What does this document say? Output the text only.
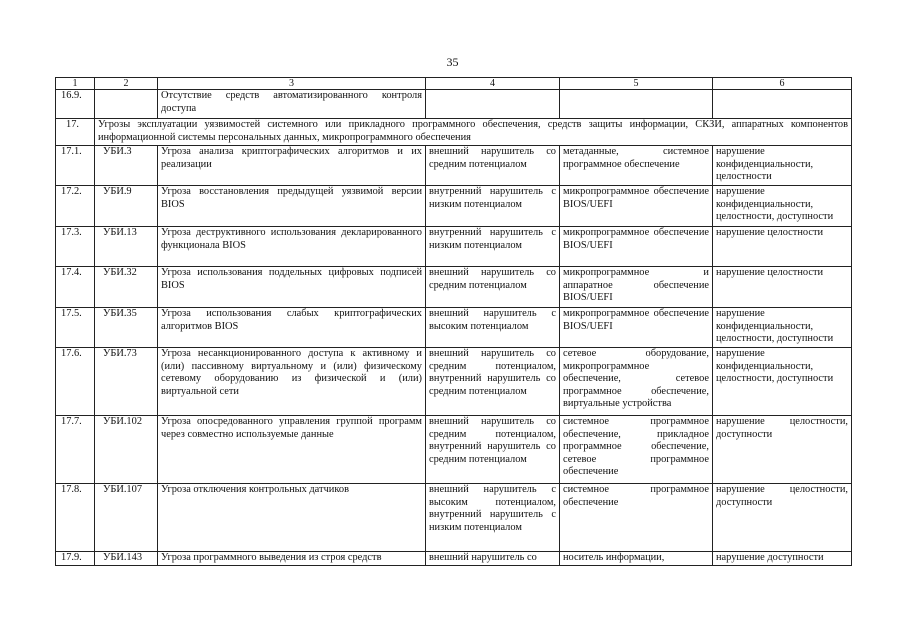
35
1	2	3	4	5	6
16.9.		Отсутствие средств автоматизированного контроля доступа			
17.	Угрозы эксплуатации уязвимостей системного или прикладного программного обеспечения, средств защиты информации, СКЗИ, аппаратных компонентов информационной системы персональных данных, микропрограммного обеспечения				
17.1.	УБИ.3	Угроза анализа криптографических алгоритмов и их реализации	внешний нарушитель со средним потенциалом	метаданные, системное программное обеспечение	нарушение конфиденциальности, целостности
17.2.	УБИ.9	Угроза восстановления предыдущей уязвимой версии BIOS	внутренний нарушитель с низким потенциалом	микропрограммное обеспечение BIOS/UEFI	нарушение конфиденциальности, целостности, доступности
17.3.	УБИ.13	Угроза деструктивного использования декларированного функционала BIOS	внутренний нарушитель с низким потенциалом	микропрограммное обеспечение BIOS/UEFI	нарушение целостности
17.4.	УБИ.32	Угроза использования поддельных цифровых подписей BIOS	внешний нарушитель со средним потенциалом	микропрограммное и аппаратное обеспечение BIOS/UEFI	нарушение целостности
17.5.	УБИ.35	Угроза использования слабых криптографических алгоритмов BIOS	внешний нарушитель с высоким потенциалом	микропрограммное обеспечение BIOS/UEFI	нарушение конфиденциальности, целостности, доступности
17.6.	УБИ.73	Угроза несанкционированного доступа к активному и (или) пассивному виртуальному и (или) физическому сетевому оборудованию из физической и (или) виртуальной сети	внешний нарушитель со средним потенциалом, внутренний нарушитель со средним потенциалом	сетевое оборудование, микропрограммное обеспечение, сетевое программное обеспечение, виртуальные устройства	нарушение конфиденциальности, целостности, доступности
17.7.	УБИ.102	Угроза опосредованного управления группой программ через совместно используемые данные	внешний нарушитель со средним потенциалом, внутренний нарушитель со средним потенциалом	системное программное обеспечение, прикладное программное обеспечение, сетевое программное обеспечение	нарушение целостности, доступности
17.8.	УБИ.107	Угроза отключения контрольных датчиков	внешний нарушитель с высоким потенциалом, внутренний нарушитель с низким потенциалом	системное программное обеспечение	нарушение целостности, доступности
17.9.	УБИ.143	Угроза программного выведения из строя средств	внешний нарушитель со	носитель информации,	нарушение доступности
